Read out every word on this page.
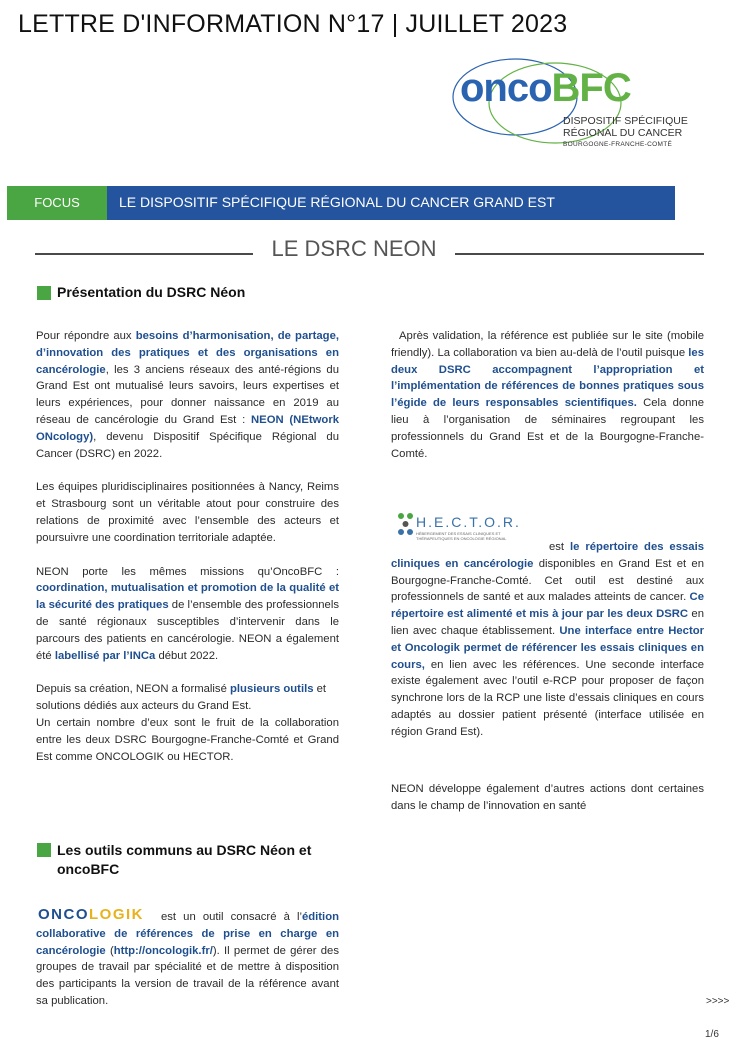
LETTRE D'INFORMATION N°17 | JUILLET 2023
oncoBFC
DISPOSITIF SPÉCIFIQUE
RÉGIONAL DU CANCER
BOURGOGNE-FRANCHE-COMTÉ
FOCUS	LE DISPOSITIF SPÉCIFIQUE RÉGIONAL DU CANCER GRAND EST
LE DSRC NEON
Présentation du DSRC Néon
Pour répondre aux besoins d’harmonisation, de partage, d’innovation des pratiques et des organisations en cancérologie, les 3 anciens réseaux des anté-régions du Grand Est ont mutualisé leurs savoirs, leurs expertises et leurs expériences, pour donner naissance en 2019 au réseau de cancérologie du Grand Est : NEON (NEtwork ONcology), devenu Dispositif Spécifique Régional du Cancer (DSRC) en 2022.
Les équipes pluridisciplinaires positionnées à Nancy, Reims et Strasbourg sont un véritable atout pour construire des relations de proximité avec l’ensemble des acteurs et poursuivre une coordination territoriale adaptée.
NEON porte les mêmes missions qu’OncoBFC : coordination, mutualisation et promotion de la qualité et la sécurité des pratiques de l’ensemble des professionnels de santé régionaux susceptibles d’intervenir dans le parcours des patients en cancérologie. NEON a également été labellisé par l’INCa début 2022.
Depuis sa création, NEON a formalisé plusieurs outils et solutions dédiés aux acteurs du Grand Est.
Un certain nombre d’eux sont le fruit de la collaboration entre les deux DSRC Bourgogne-Franche-Comté et Grand Est comme ONCOLOGIK ou HECTOR.
Les outils communs au DSRC Néon et
oncoBFC
ONCOLOGIK	est un outil consacré à l’édition collaborative de références de prise en charge en cancérologie (http://oncologik.fr/). Il permet de gérer des groupes de travail par spécialité et de mettre à disposition des participants la version de travail de la référence avant sa publication.
Après validation, la référence est publiée sur le site (mobile friendly). La collaboration va bien au-delà de l’outil puisque les deux DSRC accompagnent l’appropriation et l’implémentation de références de bonnes pratiques sous l’égide de leurs responsables scientifiques. Cela donne lieu à l’organisation de séminaires regroupant les professionnels du Grand Est et de la Bourgogne-Franche-Comté.
H.E.C.T.O.R.
HÉBERGEMENT DES ESSAIS CLINIQUES ET THÉRAPEUTIQUES EN ONCOLOGIE RÉGIONAL
est le répertoire des essais cliniques en cancérologie disponibles en Grand Est et en Bourgogne-Franche-Comté. Cet outil est destiné aux professionnels de santé et aux malades atteints de cancer. Ce répertoire est alimenté et mis à jour par les deux DSRC en lien avec chaque établissement. Une interface entre Hector et Oncologik permet de référencer les essais cliniques en cours, en lien avec les références. Une seconde interface existe également avec l’outil e-RCP pour proposer de façon synchrone lors de la RCP une liste d’essais cliniques en cours adaptés au dossier patient présenté (interface utilisée en région Grand Est).
NEON développe également d’autres actions dont certaines dans le champ de l’innovation en santé
>>>>
1/6
